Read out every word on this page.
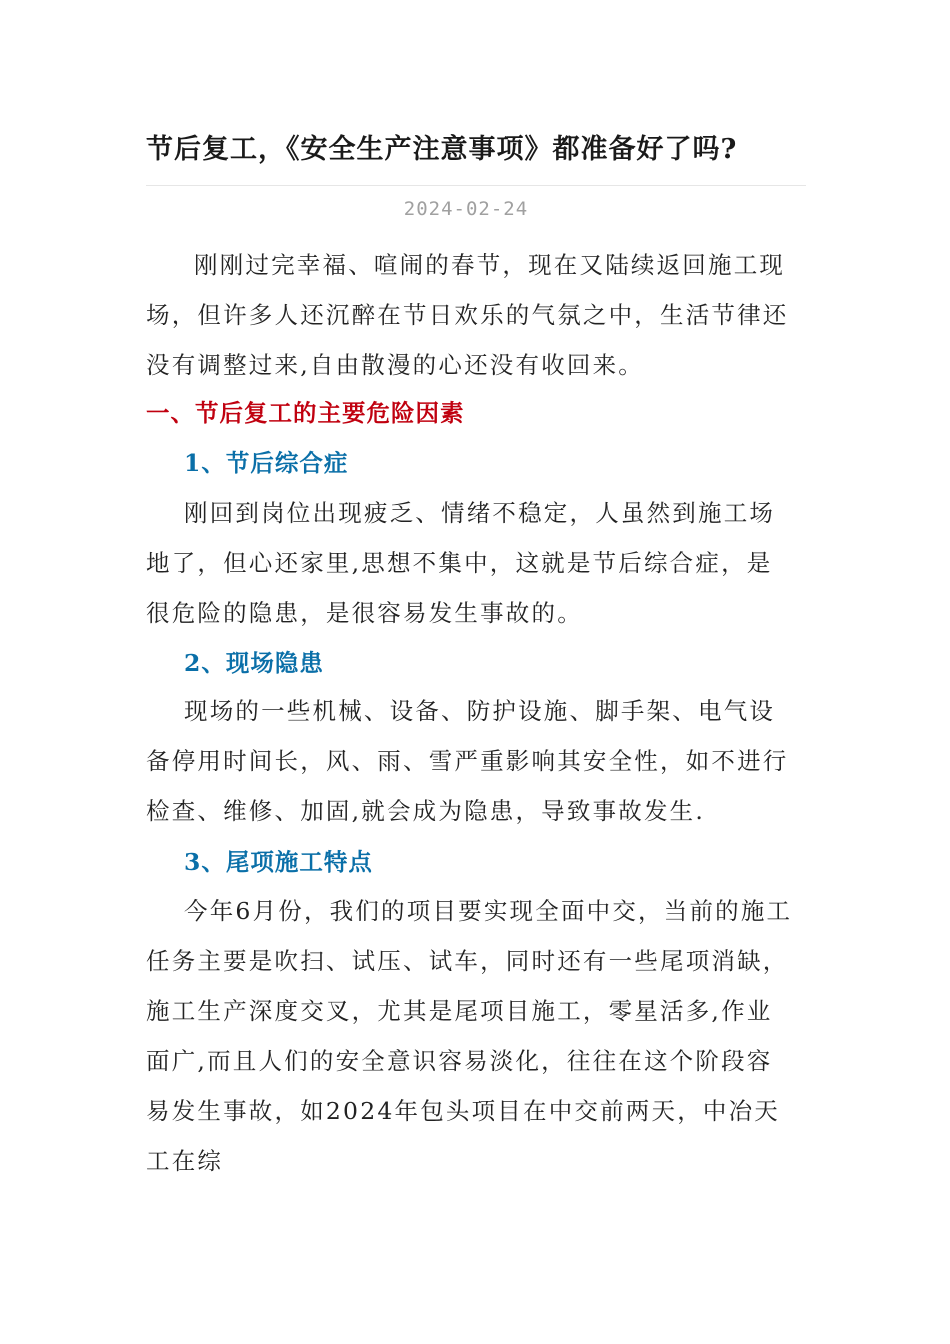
节后复工，《安全生产注意事项》都准备好了吗?
2024-02-24

刚刚过完幸福、喧闹的春节，现在又陆续返回施工现场，但许多人还沉醉在节日欢乐的气氛之中，生活节律还没有调整过来,自由散漫的心还没有收回来。

一、节后复工的主要危险因素
1、节后综合症

刚回到岗位出现疲乏、情绪不稳定，人虽然到施工场地了，但心还家里,思想不集中，这就是节后综合症，是很危险的隐患，是很容易发生事故的。

2、现场隐患

现场的一些机械、设备、防护设施、脚手架、电气设备停用时间长，风、雨、雪严重影响其安全性，如不进行检查、维修、加固,就会成为隐患，导致事故发生.

3、尾项施工特点

今年6月份，我们的项目要实现全面中交，当前的施工任务主要是吹扫、试压、试车，同时还有一些尾项消缺，施工生产深度交叉，尤其是尾项目施工，零星活多,作业面广,而且人们的安全意识容易淡化，往往在这个阶段容易发生事故，如2024年包头项目在中交前两天，中冶天工在综
